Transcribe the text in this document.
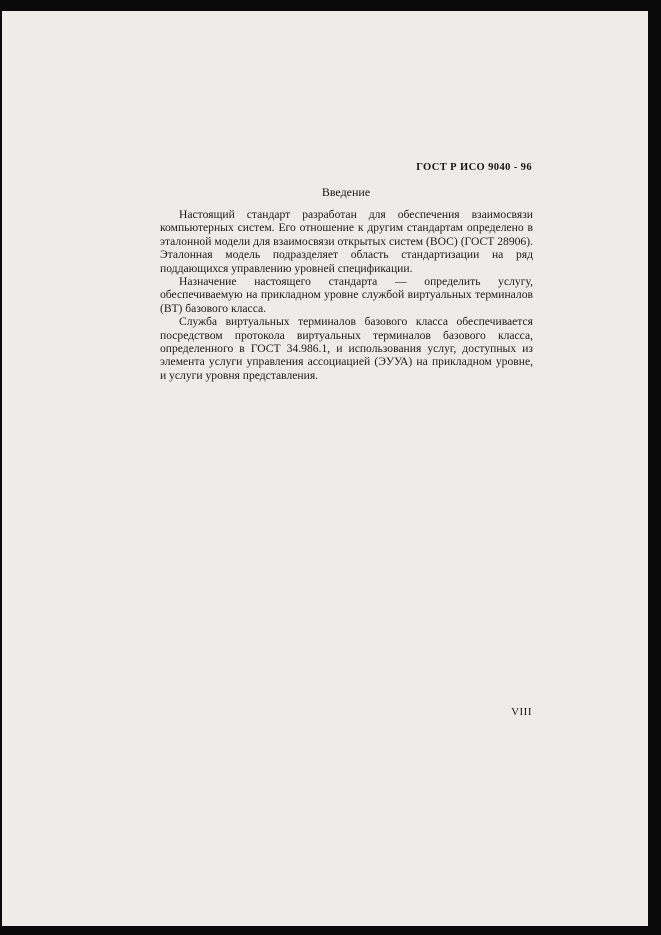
ГОСТ Р ИСО 9040 - 96
Введение

Настоящий стандарт разработан для обеспечения взаимосвязи компьютерных систем. Его отношение к другим стандартам определено в эталонной модели для взаимосвязи открытых систем (ВОС) (ГОСТ 28906). Эталонная модель подразделяет область стандартизации на ряд поддающихся управлению уровней спецификации.

Назначение настоящего стандарта — определить услугу, обеспечиваемую на прикладном уровне службой виртуальных терминалов (ВТ) базового класса.

Служба виртуальных терминалов базового класса обеспечивается посредством протокола виртуальных терминалов базового класса, определенного в ГОСТ 34.986.1, и использования услуг, доступных из элемента услуги управления ассоциацией (ЭУУА) на прикладном уровне, и услуги уровня представления.

VIII
